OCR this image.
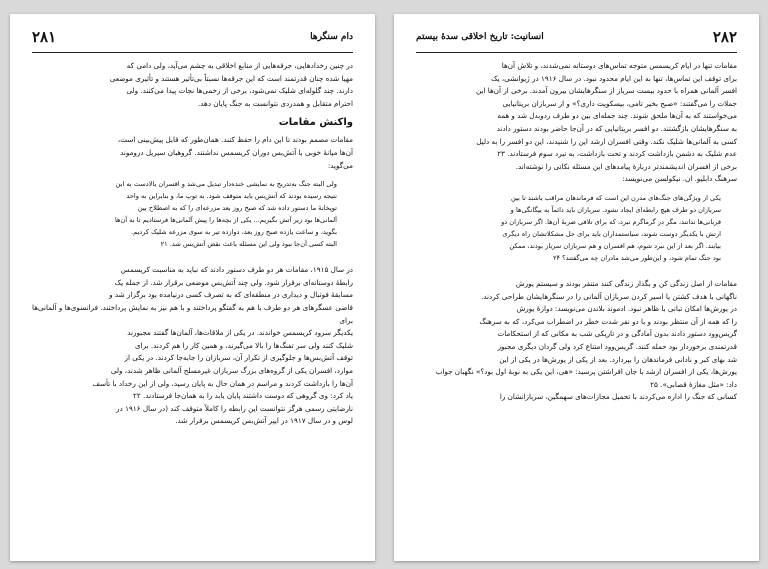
۲۸۱	دام سنگرها

در چنین رخدادهایی، جرقه‌هایی از منابع اخلاقی به چشم می‌آید، ولی دامی که
مهیا شده چنان قدرتمند است که این جرقه‌ها نسبتاً بی‌تأثیر هستند و تأثیری موضعی
دارند. چند گلوله‌ای شلیک نمی‌شود، برخی از زخمی‌ها نجات پیدا می‌کنند. ولی
احترام متقابل و همدردی نتوانست به جنگ پایان دهد.

واکنش مقامات

مقامات مصمم بودند تا این دام را حفظ کنند. همان‌طور که قابل پیش‌بینی است،
آن‌ها میانهٔ خوبی با آتش‌بس دوران کریسمس نداشتند. گروهبان سیریل دروموند
می‌گوید:

ولی البته جنگ به‌تدریج به نمایشی خنده‌دار تبدیل می‌شد و افسران بالادست به این
نتیجه رسیده بودند که آتش‌بس باید متوقف شود. به توپ ما، و بنابراین به واحد
توپخانهٔ ما دستور داده شد که صبح روز بعد مزرعه‌ای را که به اصطلاح بین
آلمانی‌ها بود زیر آتش بگیریم... یکی از بچه‌ها را پیش آلمانی‌ها فرستادیم تا به آن‌ها
بگوید، و ساعت یازده صبح روز بعد، دوازده تیر به سوی مزرعه شلیک کردیم.
البته کسی آن‌جا نبود ولی این مسئله باعث نقض آتش‌بس شد. ۲۱

در سال ۱۹۱۵، مقامات هر دو طرف دستور دادند که نباید به مناسبت کریسمس
رابطهٔ دوستانه‌ای برقرار شود. ولی چند آتش‌بس موضعی برقرار شد. از جمله یک
مسابقهٔ فوتبال و دیداری در منطقه‌ای که به تصرف کسی درنیامده بود برگزار شد و
قاضی عسگرهای هر دو طرف با هم به گفتگو پرداختند و با هم نیز به نمایش پرداختند. فرانسوی‌ها و آلمانی‌ها برای
یکدیگر سرود کریسمس خواندند. در یکی از ملاقات‌ها، آلمان‌ها گفتند مجبورند
شلیک کنند ولی سر تفنگ‌ها را بالا می‌گیرند، و همین کار را هم کردند. برای
توقف آتش‌بس‌ها و جلوگیری از تکرار آن، سربازان را جابه‌جا کردند. در یکی از
موارد، افسران یکی از گروه‌های بزرگ سربازان غیرمسلح آلمانی ظاهر شدند، ولی
آن‌ها را بازداشت کردند و مراسم در همان حال به پایان رسید، ولی از این رخداد با تأسف
یاد کرد: وی گروهی که دوست داشتند پایان یابد را به همان‌جا فرستادند. ۲۲
نارضایتی رسمی هرگز نتوانست این رابطه را کاملاً متوقف کند (در سال ۱۹۱۶ در
لوس و در سال ۱۹۱۷ در ایپر آتش‌بس کریسمس برقرار شد.

۲۸۲
انسانیت: تاریخ اخلاقی سدهٔ بیستم

مقامات تنها در ایام کریسمس متوجه تماس‌های دوستانه نمی‌شدند، و تلاش آن‌ها
برای توقف این تماس‌ها، تنها به این ایام محدود نبود. در سال ۱۹۱۶ در ژیوانشی، یک
افسر آلمانی همراه با حدود بیست سرباز از سنگرهایشان بیرون آمدند. برخی از آن‌ها این
جملات را می‌گفتند: «صبح بخیر تامی، بیسکویت داری؟» و از سربازان بریتانیایی
می‌خواستند که به آن‌ها ملحق شوند. چند جمله‌ای بین دو طرف ردوبدل شد و همه
به سنگرهایشان بازگشتند. دو افسر بریتانیایی که در آن‌جا حاضر بودند دستور دادند
کسی به آلمانی‌ها شلیک نکند. وقتی افسران ارشد این را شنیدند، این دو افسر را به دلیل
عدم شلیک به دشمن بازداشت کردند و تحت بازداشت، به نبرد سوم فرستادند. ۲۳
برخی از افسران اندیشمندتر دربارهٔ پیامدهای این مسئله نکاتی را نوشته‌اند.
سرهنگ دابلیو. ان. نیکولسن می‌نویسد:

یکی از ویژگی‌های جنگ‌های مدرن این است که فرماندهان مراقب باشند تا بین
سربازان دو طرف هیچ رابطه‌ای ایجاد نشود. سربازان باید دائماً به بیگانگی‌ها و
قربانی‌ها ندانند، مگر در گرماگرم نبرد، که برای تلافی ضربهٔ آن‌ها. اگر سربازان دو
ارتش با یکدیگر دوست شوند، سیاستمداران باید برای حل مشکلاتشان راه دیگری
بیابند. اگر بعد از این نبرد شوم، هم افسران و هم سربازان سرباز بودند، ممکن
بود جنگ تمام شود، و این‌طور می‌شد مادران چه می‌گفتند؟ ۲۴

مقامات از اصل زندگی کن و بگذار زندگی کنند متنفر بودند و سیستم یورش
ناگهانی با هدف کشتن یا اسیر کردن سربازان آلمانی را در سنگرهایشان طراحی کردند.
در یورش‌ها امکان تبانی با ظاهر نبود. ادموند بلاندن می‌نویسد: دوازهٔ یورش
را که همه از آن منتظر بودند و با دو نفر شدت خطر در اضطراب می‌کرد، که به سرهنگ
گریس‌وود دستور دادند بدون آمادگی و در تاریکی شب به مکانی که از استحکامات
قدرتمندی برخوردار بود حمله کنند. گریس‌وود امتناع کرد ولی گردان دیگری مجبور
شد بهای کبر و نادانی فرماندهان را بپردازد. بعد از یکی از یورش‌ها در یکی از این
یورش‌ها، یکی از افسران ارشد با جان افراشتن پرسید: «هی، این یکی به نوبهٔ اول بود؟» نگهبان جواب
داد: «مثل مغازهٔ قصابی». ۲۵
کسانی که جنگ را اداره می‌کردند با تحمیل مجازات‌های سهمگین، سربازانشان را
